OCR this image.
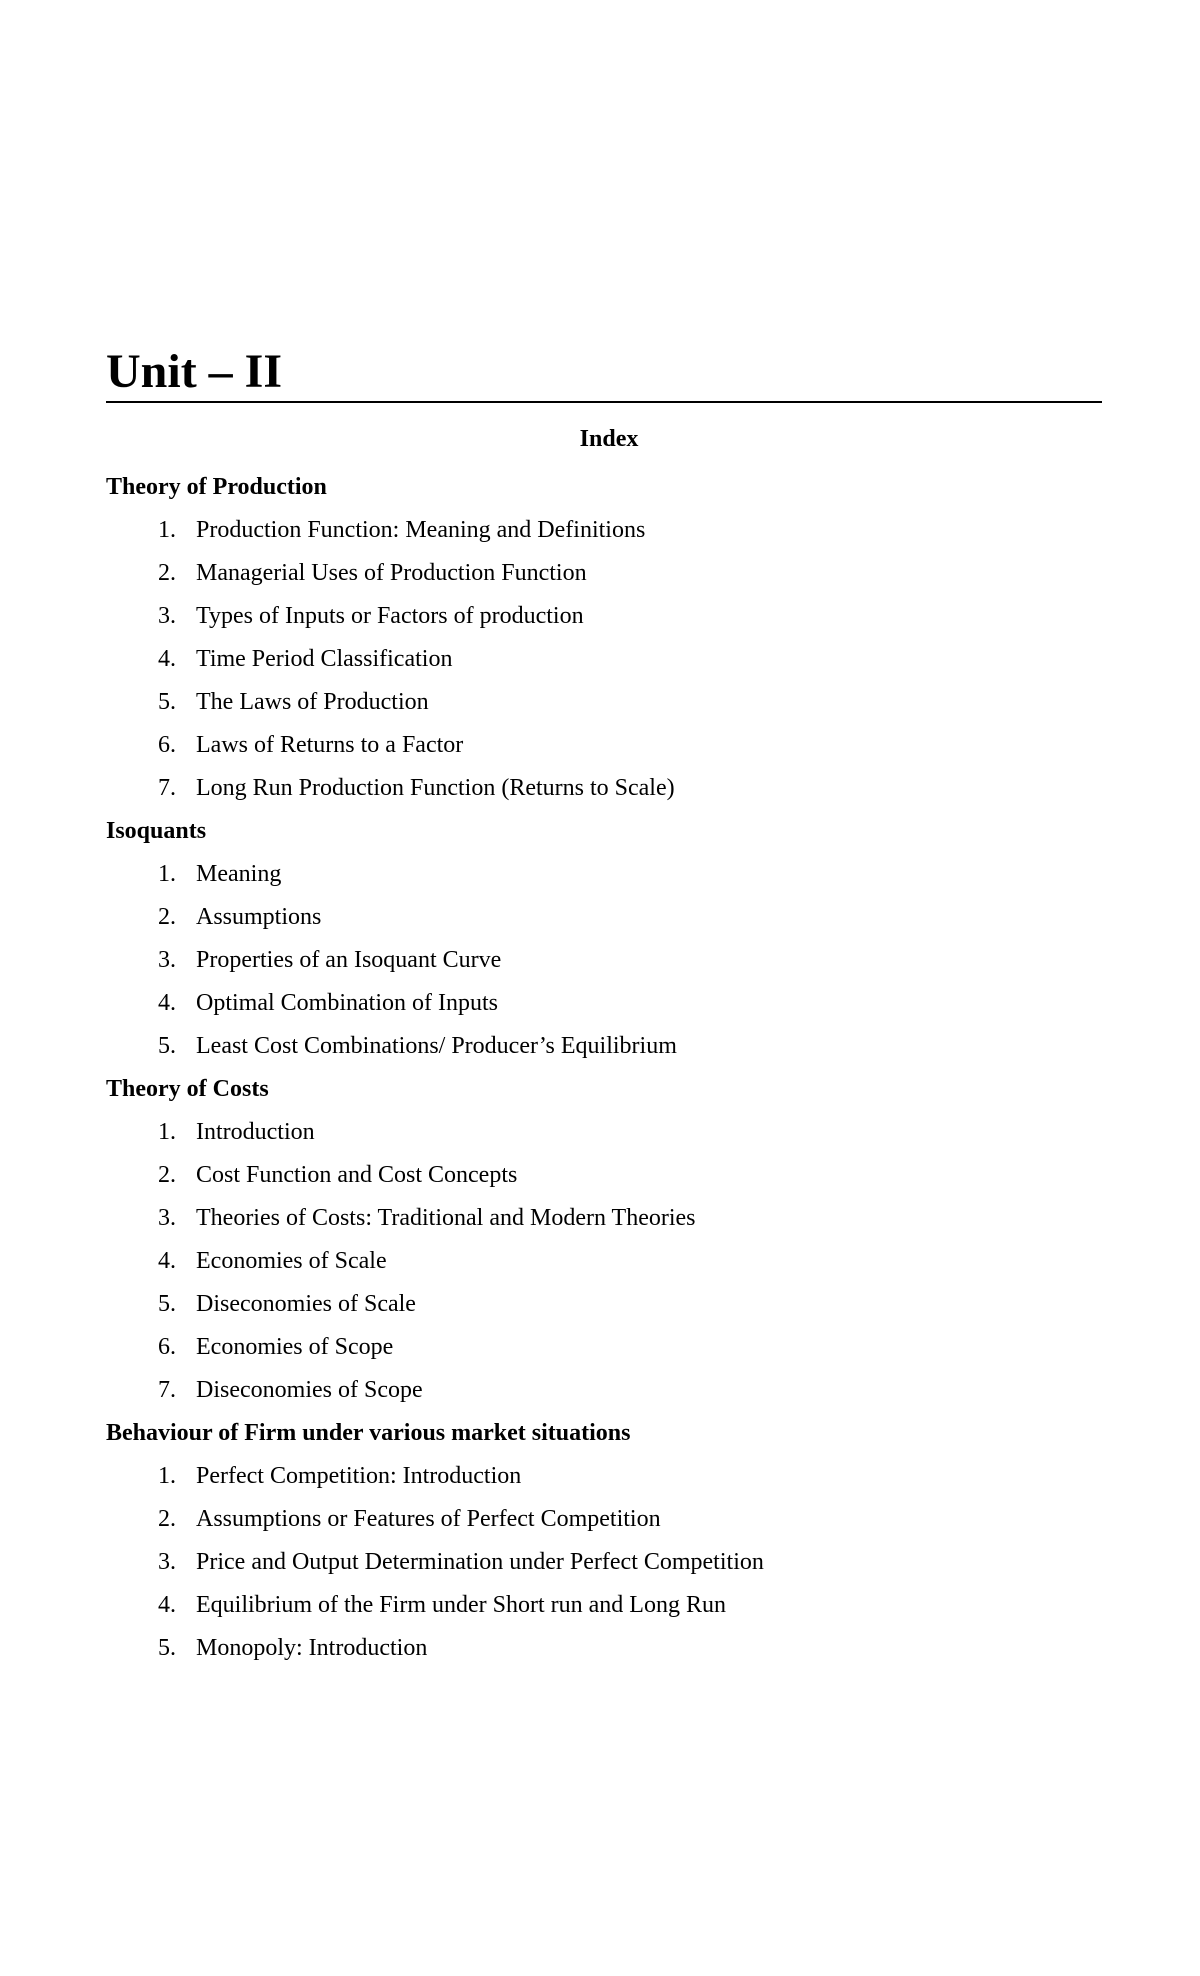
Unit – II
Index
Theory of Production
1. Production Function: Meaning and Definitions
2. Managerial Uses of Production Function
3. Types of Inputs or Factors of production
4. Time Period Classification
5. The Laws of Production
6. Laws of Returns to a Factor
7. Long Run Production Function (Returns to Scale)
Isoquants
1. Meaning
2. Assumptions
3. Properties of an Isoquant Curve
4. Optimal Combination of Inputs
5. Least Cost Combinations/ Producer’s Equilibrium
Theory of Costs
1. Introduction
2. Cost Function and Cost Concepts
3. Theories of Costs: Traditional and Modern Theories
4. Economies of Scale
5. Diseconomies of Scale
6. Economies of Scope
7. Diseconomies of Scope
Behaviour of Firm under various market situations
1. Perfect Competition: Introduction
2. Assumptions or Features of Perfect Competition
3. Price and Output Determination under Perfect Competition
4. Equilibrium of the Firm under Short run and Long Run
5. Monopoly: Introduction
